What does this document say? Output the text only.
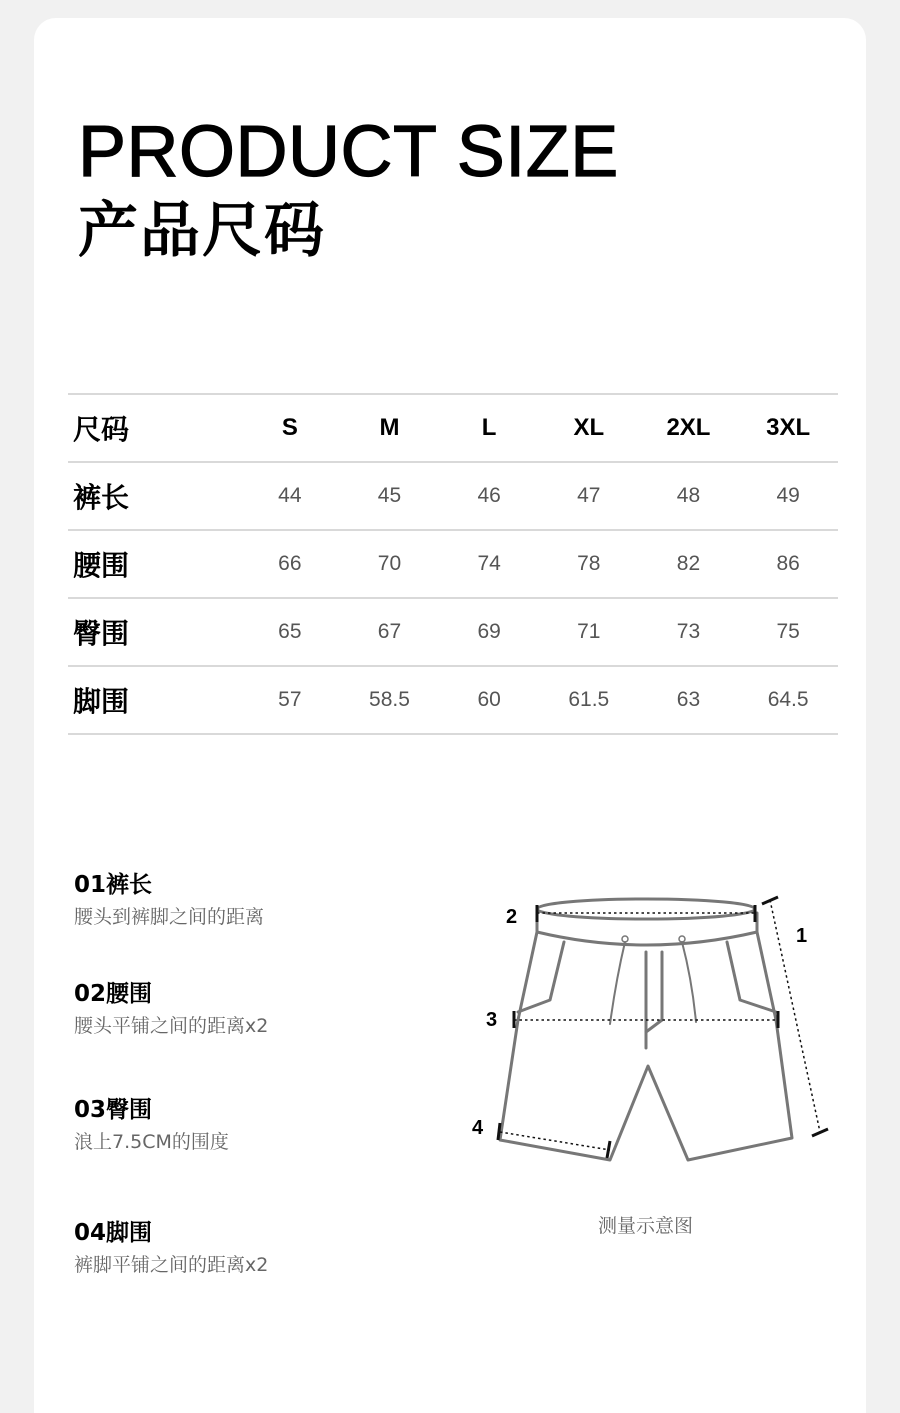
PRODUCT SIZE
产品尺码
尺码	S	M	L	XL	2XL	3XL
裤长	44	45	46	47	48	49
腰围	66	70	74	78	82	86
臀围	65	67	69	71	73	75
脚围	57	58.5	60	61.5	63	64.5
01裤长
腰头到裤脚之间的距离
02腰围
腰头平铺之间的距离x2
03臀围
浪上7.5CM的围度
04脚围
裤脚平铺之间的距离x2
1
2
3
4
测量示意图
